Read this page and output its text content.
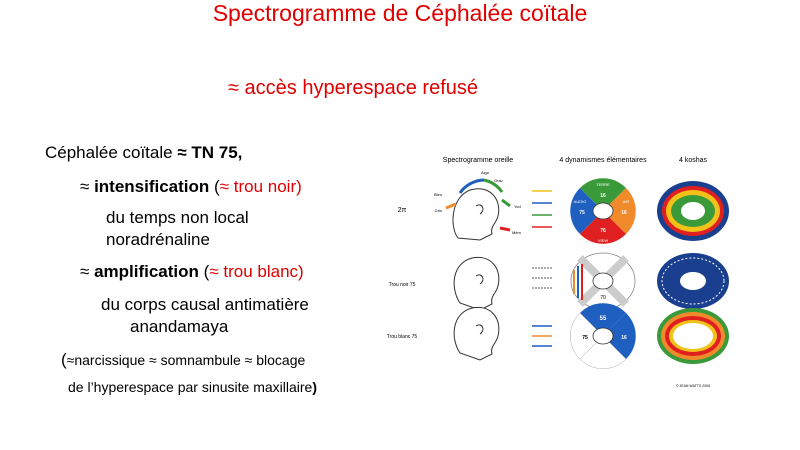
Spectrogramme de Céphalée coïtale
≈ accès hyperespace refusé
Céphalée coïtale ≈ TN 75,
≈ intensification (≈ trou noir)
du temps non local
noradrénaline
≈ amplification (≈ trou blanc)
du corps causal antimatière
anandamaya
(≈narcissique ≈ somnambule ≈ blocage
de l’hyperespace par sinusite maxillaire)
Spectrogramme oreille	4 dynamismes élémentaires	4 koshas
2π
Trou noir 75
Trou blanc 75
Aigu
Grav
Yod
Mém
Bleu
Gris
TERRE
AUDIO	AIR
VIEW
16
75	16
76
70
55
75	16
© JEAN WATTS 2006
